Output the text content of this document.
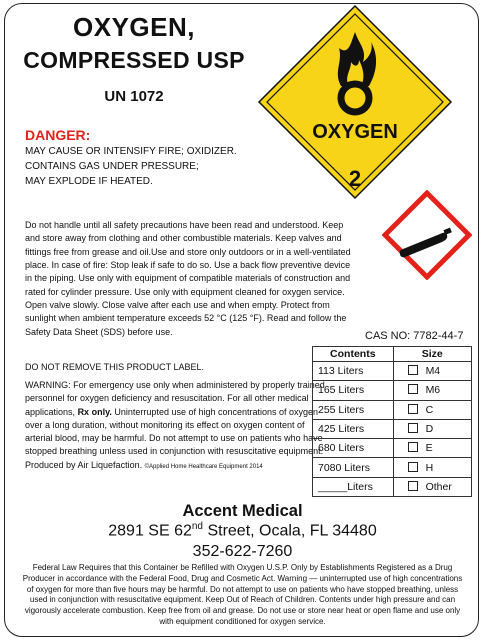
OXYGEN,
COMPRESSED USP
UN 1072
OXYGEN
2
DANGER:
MAY CAUSE OR INTENSIFY FIRE; OXIDIZER.
CONTAINS GAS UNDER PRESSURE;
MAY EXPLODE IF HEATED.
Do not handle until all safety precautions have been read and understood. Keep and store away from clothing and other combustible materials. Keep valves and fittings free from grease and oil.Use and store only outdoors or in a well-ventilated place. In case of fire: Stop leak if safe to do so. Use a back flow preventive device in the piping. Use only with equipment of compatible materials of construction and rated for cylinder pressure. Use only with equipment cleaned for oxygen service. Open valve slowly. Close valve after each use and when empty. Protect from sunlight when ambient temperature exceeds 52 °C (125 °F). Read and follow the Safety Data Sheet (SDS) before use.
DO NOT REMOVE THIS PRODUCT LABEL.
WARNING: For emergency use only when administered by properly trained personnel for oxygen deficiency and resuscitation. For all other medical applications, Rx only. Uninterrupted use of high concentrations of oxygen over a long duration, without monitoring its effect on oxygen content of arterial blood, may be harmful. Do not attempt to use on patients who have stopped breathing unless used in conjunction with resuscitative equipment. Produced by Air Liquefaction. ©Applied Home Healthcare Equipment 2014
CAS NO: 7782-44-7
Contents	Size
113 Liters	M4
165 Liters	M6
255 Liters	C
425 Liters	D
680 Liters	E
7080 Liters	H
_____Liters	Other
Accent Medical
2891 SE 62nd Street, Ocala, FL 34480
352-622-7260
Federal Law Requires that this Container be Refilled with Oxygen U.S.P. Only by Establishments Registered as a Drug Producer in accordance with the Federal Food, Drug and Cosmetic Act. Warning — uninterrupted use of high concentrations of oxygen for more than five hours may be harmful. Do not attempt to use on patients who have stopped breathing, unless used in conjunction with resuscitative equipment. Keep Out of Reach of Children. Contents under high pressure and can vigorously accelerate combustion. Keep free from oil and grease. Do not use or store near heat or open flame and use only with equipment conditioned for oxygen service.
